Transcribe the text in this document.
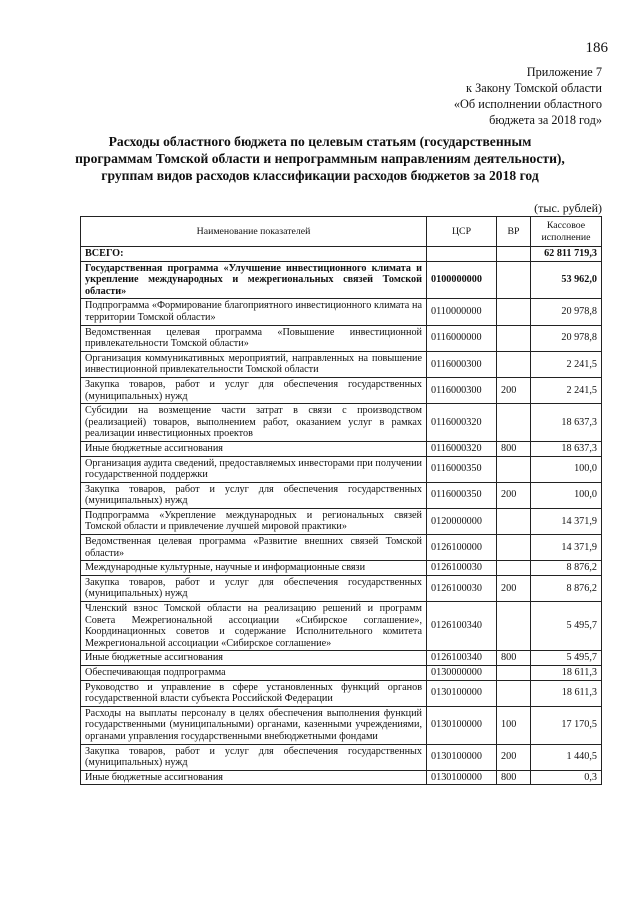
186
Приложение 7
к Закону Томской области
«Об исполнении областного
бюджета за 2018 год»
Расходы областного бюджета по целевым статьям (государственным
программам Томской области и непрограммным направлениям деятельности),
группам видов расходов классификации расходов бюджетов за 2018 год
(тыс. рублей)
Наименование показателей	ЦСР	ВР	Кассовое исполнение
ВСЕГО:			62 811 719,3
Государственная программа «Улучшение инвестиционного климата и укрепление международных и межрегиональных связей Томской области»	0100000000		53 962,0
Подпрограмма «Формирование благоприятного инвестиционного климата на территории Томской области»	0110000000		20 978,8
Ведомственная целевая программа «Повышение инвестиционной привлекательности Томской области»	0116000000		20 978,8
Организация коммуникативных мероприятий, направленных на повышение инвестиционной привлекательности Томской области	0116000300		2 241,5
Закупка товаров, работ и услуг для обеспечения государственных (муниципальных) нужд	0116000300	200	2 241,5
Субсидии на возмещение части затрат в связи с производством (реализацией) товаров, выполнением работ, оказанием услуг в рамках реализации инвестиционных проектов	0116000320		18 637,3
Иные бюджетные ассигнования	0116000320	800	18 637,3
Организация аудита сведений, предоставляемых инвесторами при получении государственной поддержки	0116000350		100,0
Закупка товаров, работ и услуг для обеспечения государственных (муниципальных) нужд	0116000350	200	100,0
Подпрограмма «Укрепление международных и региональных связей Томской области и привлечение лучшей мировой практики»	0120000000		14 371,9
Ведомственная целевая программа «Развитие внешних связей Томской области»	0126100000		14 371,9
Международные культурные, научные и информационные связи	0126100030		8 876,2
Закупка товаров, работ и услуг для обеспечения государственных (муниципальных) нужд	0126100030	200	8 876,2
Членский взнос Томской области на реализацию решений и программ Совета Межрегиональной ассоциации «Сибирское соглашение», Координационных советов и содержание Исполнительного комитета Межрегиональной ассоциации «Сибирское соглашение»	0126100340		5 495,7
Иные бюджетные ассигнования	0126100340	800	5 495,7
Обеспечивающая подпрограмма	0130000000		18 611,3
Руководство и управление в сфере установленных функций органов государственной власти субъекта Российской Федерации	0130100000		18 611,3
Расходы на выплаты персоналу в целях обеспечения выполнения функций государственными (муниципальными) органами, казенными учреждениями, органами управления государственными внебюджетными фондами	0130100000	100	17 170,5
Закупка товаров, работ и услуг для обеспечения государственных (муниципальных) нужд	0130100000	200	1 440,5
Иные бюджетные ассигнования	0130100000	800	0,3
